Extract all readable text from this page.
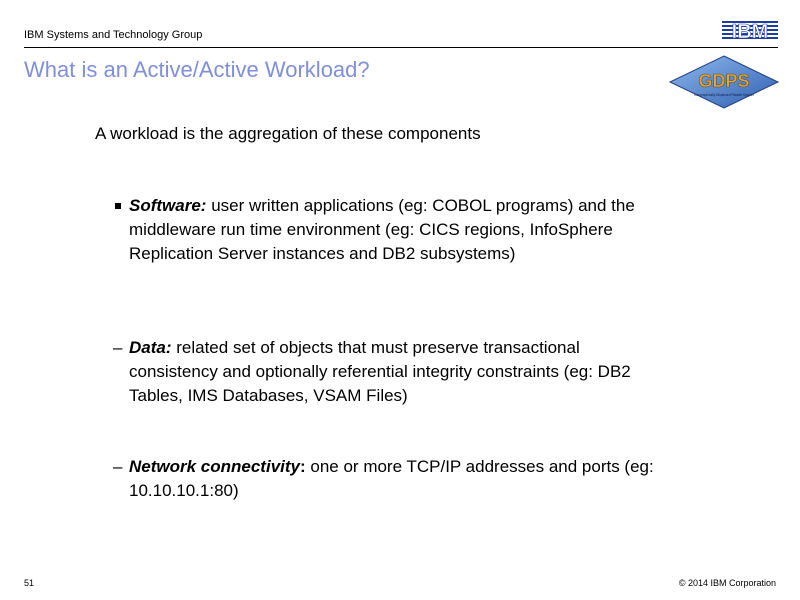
IBM Systems and Technology Group	IBM
What is an Active/Active Workload?	GDPS
Geographically Dispersed Parallel Sysplex
A workload is the aggregation of these components
Software: user written applications (eg: COBOL programs) and the middleware run time environment (eg: CICS regions, InfoSphere Replication Server instances and DB2 subsystems)
– Data: related set of objects that must preserve transactional consistency and optionally referential integrity constraints (eg: DB2 Tables, IMS Databases, VSAM Files)
– Network connectivity: one or more TCP/IP addresses and ports (eg: 10.10.10.1:80)
51	© 2014 IBM Corporation
